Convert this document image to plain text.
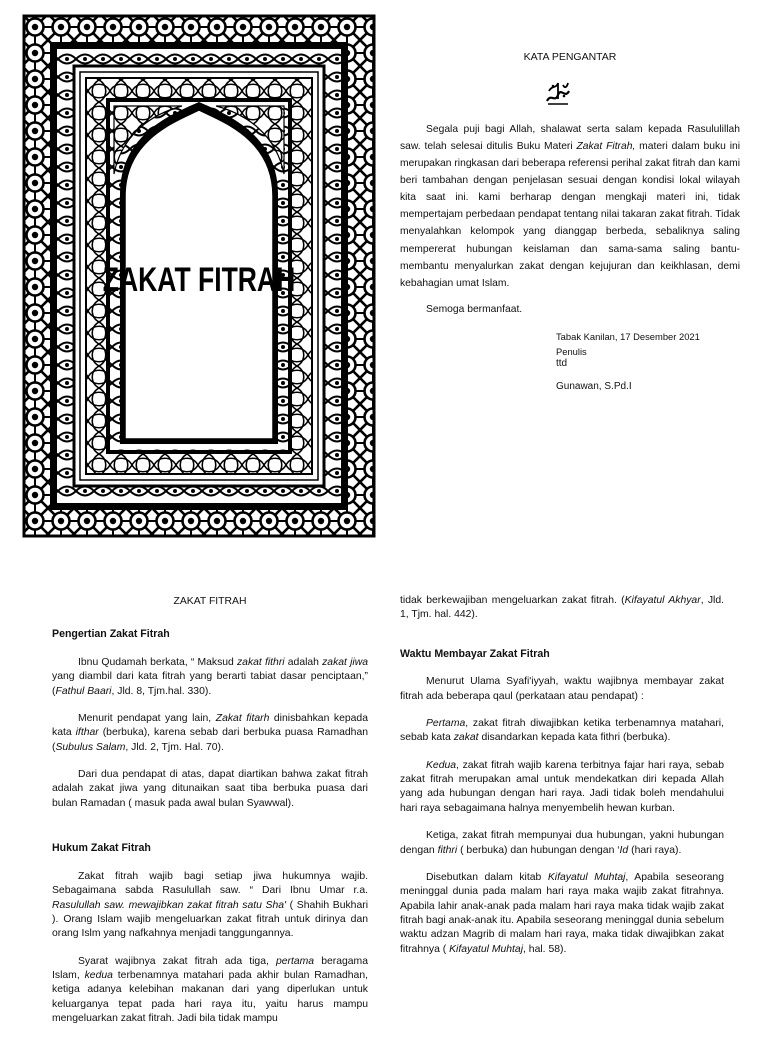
ZAKAT FITRAH
KATA PENGANTAR

Segala puji bagi Allah, shalawat serta salam kepada Rasululillah saw. telah selesai ditulis Buku Materi Zakat Fitrah, materi dalam buku ini merupakan ringkasan dari beberapa referensi perihal zakat fitrah dan kami beri tambahan dengan penjelasan sesuai dengan kondisi lokal wilayah kita saat ini. kami berharap dengan mengkaji materi ini, tidak mempertajam perbedaan pendapat tentang nilai takaran zakat fitrah. Tidak menyalahkan kelompok yang dianggap berbeda, sebaliknya saling mempererat hubungan keislaman dan sama-sama saling bantu-membantu menyalurkan zakat dengan kejujuran dan keikhlasan, demi kebahagian umat Islam.

Semoga bermanfaat.
Tabak Kanilan, 17 Desember 2021
Penulis
ttd
Gunawan, S.Pd.I

ZAKAT FITRAH

Pengertian Zakat Fitrah

Ibnu Qudamah berkata, “ Maksud zakat fithri adalah zakat jiwa yang diambil dari kata fitrah yang berarti tabiat dasar penciptaan,” (Fathul Baari, Jld. 8, Tjm.hal. 330).

Menurit pendapat yang lain, Zakat fitarh dinisbahkan kepada kata ifthar (berbuka), karena sebab dari berbuka puasa Ramadhan (Subulus Salam, Jld. 2, Tjm. Hal. 70).

Dari dua pendapat di atas, dapat diartikan bahwa zakat fitrah adalah zakat jiwa yang ditunaikan saat tiba berbuka puasa dari bulan Ramadan ( masuk pada awal bulan Syawwal).

Hukum Zakat Fitrah

Zakat fitrah wajib bagi setiap jiwa hukumnya wajib. Sebagaimana sabda Rasulullah saw. “ Dari Ibnu Umar r.a. Rasulullah saw. mewajibkan zakat fitrah satu Sha' ( Shahih Bukhari ). Orang Islam wajib mengeluarkan zakat fitrah untuk dirinya dan orang Islm yang nafkahnya menjadi tanggungannya.

Syarat wajibnya zakat fitrah ada tiga, pertama beragama Islam, kedua terbenamnya matahari pada akhir bulan Ramadhan, ketiga adanya kelebihan makanan dari yang diperlukan untuk keluarganya tepat pada hari raya itu, yaitu harus mampu mengeluarkan zakat fitrah. Jadi bila tidak mampu

tidak berkewajiban mengeluarkan zakat fitrah. (Kifayatul Akhyar, Jld. 1, Tjm. hal. 442).

Waktu Membayar Zakat Fitrah

Menurut Ulama Syafi'iyyah, waktu wajibnya membayar zakat fitrah ada beberapa qaul (perkataan atau pendapat) :

Pertama, zakat fitrah diwajibkan ketika terbenamnya matahari, sebab kata zakat disandarkan kepada kata fithri (berbuka).

Kedua, zakat fitrah wajib karena terbitnya fajar hari raya, sebab zakat fitrah merupakan amal untuk mendekatkan diri kepada Allah yang ada hubungan dengan hari raya. Jadi tidak boleh mendahului hari raya sebagaimana halnya menyembelih hewan kurban.

Ketiga, zakat fitrah mempunyai dua hubungan, yakni hubungan dengan fithri ( berbuka) dan hubungan dengan ‘Id (hari raya).

Disebutkan dalam kitab Kifayatul Muhtaj, Apabila seseorang meninggal dunia pada malam hari raya maka wajib zakat fitrahnya. Apabila lahir anak-anak pada malam hari raya maka tidak wajib zakat fitrah bagi anak-anak itu. Apabila seseorang meninggal dunia sebelum waktu adzan Magrib di malam hari raya, maka tidak diwajibkan zakat fitrahnya ( Kifayatul Muhtaj, hal. 58).
